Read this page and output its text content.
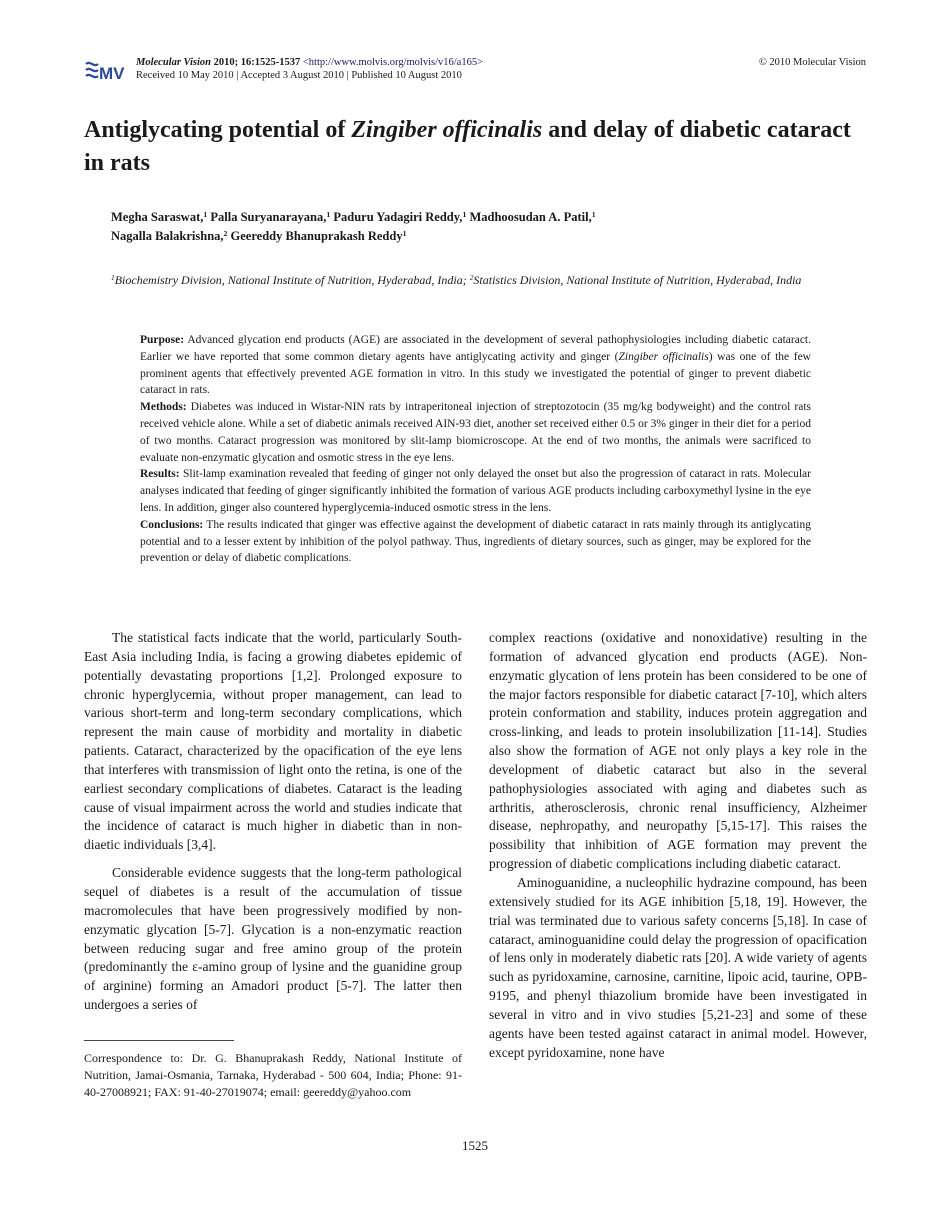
MV
Molecular Vision 2010; 16:1525-1537 <http://www.molvis.org/molvis/v16/a165>
Received 10 May 2010 | Accepted 3 August 2010 | Published 10 August 2010
© 2010 Molecular Vision
Antiglycating potential of Zingiber officinalis and delay of diabetic cataract in rats
Megha Saraswat,$^1$ Palla Suryanarayana,$^1$ Paduru Yadagiri Reddy,$^1$ Madhoosudan A. Patil,$^1$
Nagalla Balakrishna,$^2$ Geereddy Bhanuprakash Reddy$^1$
$^1$Biochemistry Division, National Institute of Nutrition, Hyderabad, India; $^2$Statistics Division, National Institute of Nutrition, Hyderabad, India

Purpose: Advanced glycation end products (AGE) are associated in the development of several pathophysiologies including diabetic cataract. Earlier we have reported that some common dietary agents have antiglycating activity and ginger (Zingiber officinalis) was one of the few prominent agents that effectively prevented AGE formation in vitro. In this study we investigated the potential of ginger to prevent diabetic cataract in rats.

Methods: Diabetes was induced in Wistar-NIN rats by intraperitoneal injection of streptozotocin (35 mg/kg bodyweight) and the control rats received vehicle alone. While a set of diabetic animals received AIN-93 diet, another set received either 0.5 or 3% ginger in their diet for a period of two months. Cataract progression was monitored by slit-lamp biomicroscope. At the end of two months, the animals were sacrificed to evaluate non-enzymatic glycation and osmotic stress in the eye lens.

Results: Slit-lamp examination revealed that feeding of ginger not only delayed the onset but also the progression of cataract in rats. Molecular analyses indicated that feeding of ginger significantly inhibited the formation of various AGE products including carboxymethyl lysine in the eye lens. In addition, ginger also countered hyperglycemia-induced osmotic stress in the lens.

Conclusions: The results indicated that ginger was effective against the development of diabetic cataract in rats mainly through its antiglycating potential and to a lesser extent by inhibition of the polyol pathway. Thus, ingredients of dietary sources, such as ginger, may be explored for the prevention or delay of diabetic complications.

The statistical facts indicate that the world, particularly South-East Asia including India, is facing a growing diabetes epidemic of potentially devastating proportions [1,2]. Prolonged exposure to chronic hyperglycemia, without proper management, can lead to various short-term and long-term secondary complications, which represent the main cause of morbidity and mortality in diabetic patients. Cataract, characterized by the opacification of the eye lens that interferes with transmission of light onto the retina, is one of the earliest secondary complications of diabetes. Cataract is the leading cause of visual impairment across the world and studies indicate that the incidence of cataract is much higher in diabetic than in non-diaetic individuals [3,4].

Considerable evidence suggests that the long-term pathological sequel of diabetes is a result of the accumulation of tissue macromolecules that have been progressively modified by non-enzymatic glycation [5-7]. Glycation is a non-enzymatic reaction between reducing sugar and free amino group of the protein (predominantly the ε-amino group of lysine and the guanidine group of arginine) forming an Amadori product [5-7]. The latter then undergoes a series of

complex reactions (oxidative and nonoxidative) resulting in the formation of advanced glycation end products (AGE). Non-enzymatic glycation of lens protein has been considered to be one of the major factors responsible for diabetic cataract [7-10], which alters protein conformation and stability, induces protein aggregation and cross-linking, and leads to protein insolubilization [11-14]. Studies also show the formation of AGE not only plays a key role in the development of diabetic cataract but also in the several pathophysiologies associated with aging and diabetes such as arthritis, atherosclerosis, chronic renal insufficiency, Alzheimer disease, nephropathy, and neuropathy [5,15-17]. This raises the possibility that inhibition of AGE formation may prevent the progression of diabetic complications including diabetic cataract.

Aminoguanidine, a nucleophilic hydrazine compound, has been extensively studied for its AGE inhibition [5,18, 19]. However, the trial was terminated due to various safety concerns [5,18]. In case of cataract, aminoguanidine could delay the progression of opacification of lens only in moderately diabetic rats [20]. A wide variety of agents such as pyridoxamine, carnosine, carnitine, lipoic acid, taurine, OPB-9195, and phenyl thiazolium bromide have been investigated in several in vitro and in vivo studies [5,21-23] and some of these agents have been tested against cataract in animal model. However, except pyridoxamine, none have

Correspondence to: Dr. G. Bhanuprakash Reddy, National Institute of Nutrition, Jamai-Osmania, Tarnaka, Hyderabad - 500 604, India; Phone: 91-40-27008921; FAX: 91-40-27019074; email: geereddy@yahoo.com
1525
